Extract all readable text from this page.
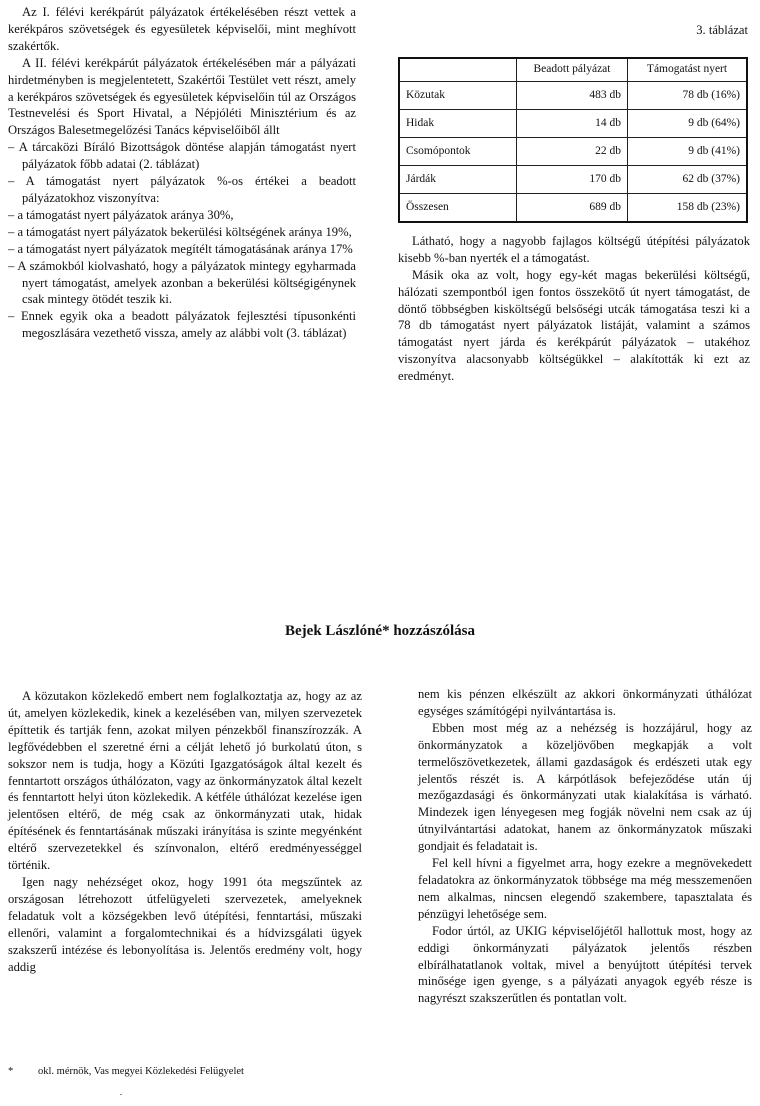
Az I. félévi kerékpárút pályázatok értékelésében részt vettek a kerékpáros szövetségek és egyesületek képviselői, mint meghívott szakértők.

A II. félévi kerékpárút pályázatok értékelésében már a pályázati hirdetményben is megjelentetett, Szakértői Testület vett részt, amely a kerékpáros szövetségek és egyesületek képviselőin túl az Országos Testnevelési és Sport Hivatal, a Népjóléti Minisztérium és az Országos Balesetmegelőzési Tanács képviselőiből állt

– A tárcaközi Bíráló Bizottságok döntése alapján támogatást nyert pályázatok főbb adatai (2. táblázat)

– A támogatást nyert pályázatok %-os értékei a beadott pályázatokhoz viszonyítva:

– a támogatást nyert pályázatok aránya 30%,

– a támogatást nyert pályázatok bekerülési költségének aránya 19%,

– a támogatást nyert pályázatok megítélt támogatásának aránya 17%

– A számokból kiolvasható, hogy a pályázatok mintegy egyharmada nyert támogatást, amelyek azonban a bekerülési költségigénynek csak mintegy ötödét teszik ki.

– Ennek egyik oka a beadott pályázatok fejlesztési típusonkénti megoszlására vezethető vissza, amely az alábbi volt (3. táblázat)

3. táblázat
	Beadott pályázat	Támogatást nyert
Közutak	483 db	78 db (16%)
Hidak	14 db	9 db (64%)
Csomópontok	22 db	9 db (41%)
Járdák	170 db	62 db (37%)
Összesen	689 db	158 db (23%)

Látható, hogy a nagyobb fajlagos költségű útépítési pályázatok kisebb %-ban nyerték el a támogatást.

Másik oka az volt, hogy egy-két magas bekerülési költségű, hálózati szempontból igen fontos összekötő út nyert támogatást, de döntő többségben kisköltségű belsőségi utcák támogatása teszi ki a 78 db támogatást nyert pályázatok listáját, valamint a számos támogatást nyert járda és kerékpárút pályázatok – utakéhoz viszonyítva alacsonyabb költségükkel – alakították ki ezt az eredményt.

Bejek Lászlóné* hozzászólása

A közutakon közlekedő embert nem foglalkoztatja az, hogy az az út, amelyen közlekedik, kinek a kezelésében van, milyen szervezetek építtetik és tartják fenn, azokat milyen pénzekből finanszírozzák. A legfővédebben el szeretné érni a célját lehető jó burkolatú úton, s sokszor nem is tudja, hogy a Közúti Igazgatóságok által kezelt és fenntartott országos úthálózaton, vagy az önkormányzatok által kezelt és fenntartott helyi úton közlekedik. A kétféle úthálózat kezelése igen jelentősen eltérő, de még csak az önkormányzati utak, hidak építésének és fenntartásának műszaki irányítása is szinte megyénként eltérő szervezetekkel és színvonalon, eltérő eredményességgel történik.

Igen nagy nehézséget okoz, hogy 1991 óta megszűntek az országosan létrehozott útfelügyeleti szervezetek, amelyeknek feladatuk volt a községekben levő útépítési, fenntartási, műszaki ellenőri, valamint a forgalomtechnikai és a hídvizsgálati ügyek szakszerű intézése és lebonyolítása is. Jelentős eredmény volt, hogy addig

nem kis pénzen elkészült az akkori önkormányzati úthálózat egységes számítógépi nyilvántartása is.

Ebben most még az a nehézség is hozzájárul, hogy az önkormányzatok a közeljövőben megkapják a volt termelőszövetkezetek, állami gazdaságok és erdészeti utak egy jelentős részét is. A kárpótlások befejeződése után új mezőgazdasági és önkormányzati utak kialakítása is várható. Mindezek igen lényegesen meg fogják növelni nem csak az új útnyilvántartási adatokat, hanem az önkormányzatok műszaki gondjait és feladatait is.

Fel kell hívni a figyelmet arra, hogy ezekre a megnövekedett feladatokra az önkormányzatok többsége ma még messzemenően nem alkalmas, nincsen elegendő szakembere, tapasztalata és pénzügyi lehetősége sem.

Fodor úrtól, az UKIG képviselőjétől hallottuk most, hogy az eddigi önkormányzati pályázatok jelentős részben elbírálhatatlanok voltak, mivel a benyújtott útépítési tervek minősége igen gyenge, s a pályázati anyagok egyéb része is nagyrészt szakszerűtlen és pontatlan volt.

* okl. mérnök, Vas megyei Közlekedési Felügyelet
